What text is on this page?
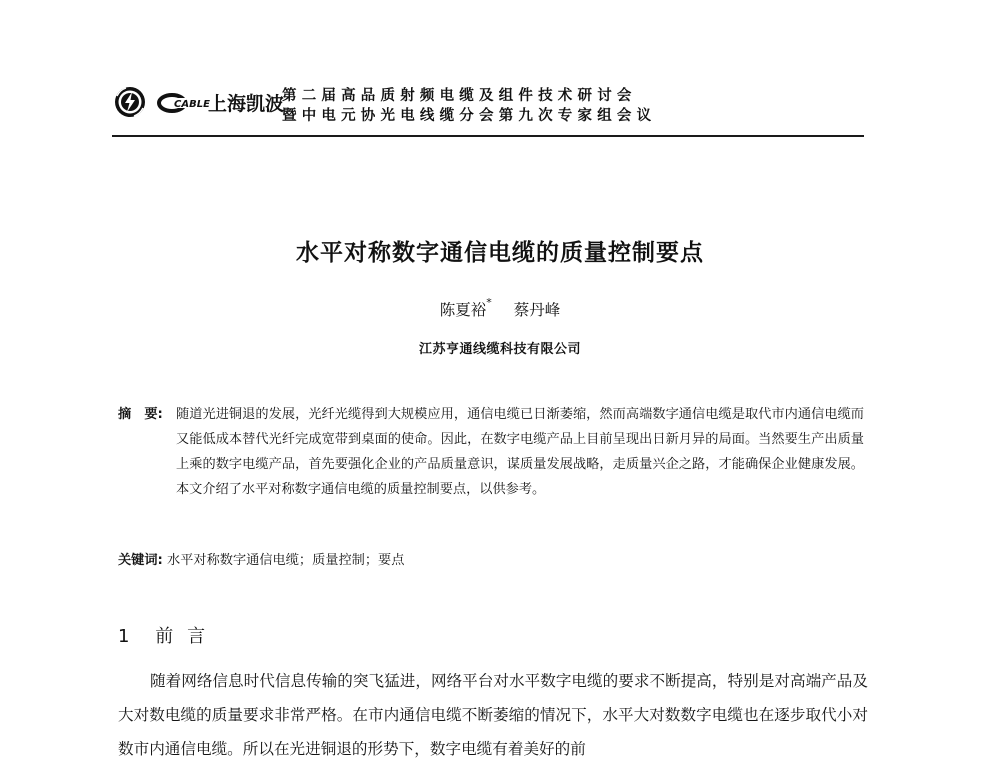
CABLE
上海凯波
第二届高品质射频电缆及组件技术研讨会
暨中电元协光电线缆分会第九次专家组会议
水平对称数字通信电缆的质量控制要点
陈夏裕* 蔡丹峰
江苏亨通线缆科技有限公司
摘　要: 随道光进铜退的发展，光纤光缆得到大规模应用，通信电缆已日渐萎缩，然而高端数字通信电缆是取代市内通信电缆而又能低成本替代光纤完成宽带到桌面的使命。因此，在数字电缆产品上目前呈现出日新月异的局面。当然要生产出质量上乘的数字电缆产品，首先要强化企业的产品质量意识，谋质量发展战略，走质量兴企之路，才能确保企业健康发展。本文介绍了水平对称数字通信电缆的质量控制要点，以供参考。
关键词: 水平对称数字通信电缆；质量控制；要点
1 前言
随着网络信息时代信息传输的突飞猛进，网络平台对水平数字电缆的要求不断提高，特别是对高端产品及大对数电缆的质量要求非常严格。在市内通信电缆不断萎缩的情况下，水平大对数数字电缆也在逐步取代小对数市内通信电缆。所以在光进铜退的形势下，数字电缆有着美好的前
